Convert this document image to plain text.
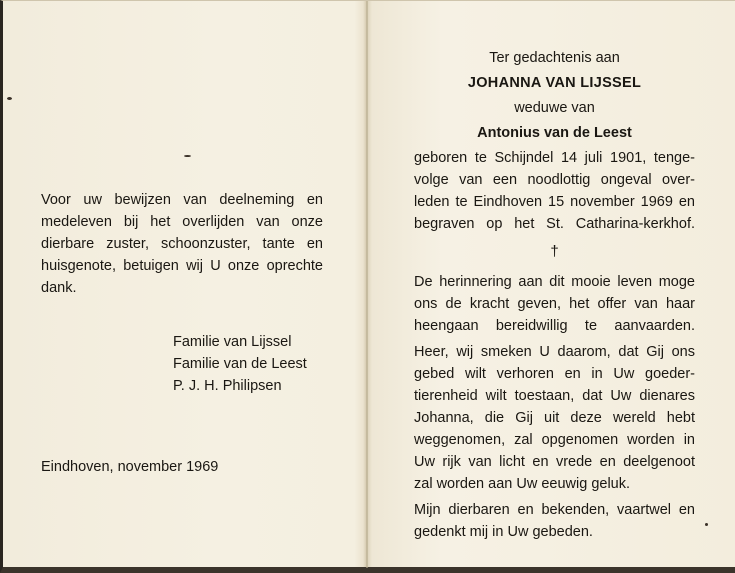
Voor uw bewijzen van deelneming en
medeleven bij het overlijden van onze
dierbare zuster, schoonzuster, tante en
huisgenote, betuigen wij U onze oprechte
dank.
Familie van Lijssel
Familie van de Leest
P. J. H. Philipsen
Eindhoven, november 1969
Ter gedachtenis aan
JOHANNA VAN LIJSSEL
weduwe van
Antonius van de Leest
geboren te Schijndel 14 juli 1901, tenge-
volge van een noodlottig ongeval over-
leden te Eindhoven 15 november 1969 en
begraven op het St. Catharina-kerkhof.
†
De herinnering aan dit mooie leven moge
ons de kracht geven, het offer van haar
heengaan bereidwillig te aanvaarden.
Heer, wij smeken U daarom, dat Gij ons
gebed wilt verhoren en in Uw goeder-
tierenheid wilt toestaan, dat Uw dienares
Johanna, die Gij uit deze wereld hebt
weggenomen, zal opgenomen worden in
Uw rijk van licht en vrede en deelgenoot
zal worden aan Uw eeuwig geluk.
Mijn dierbaren en bekenden, vaartwel en
gedenkt mij in Uw gebeden.
